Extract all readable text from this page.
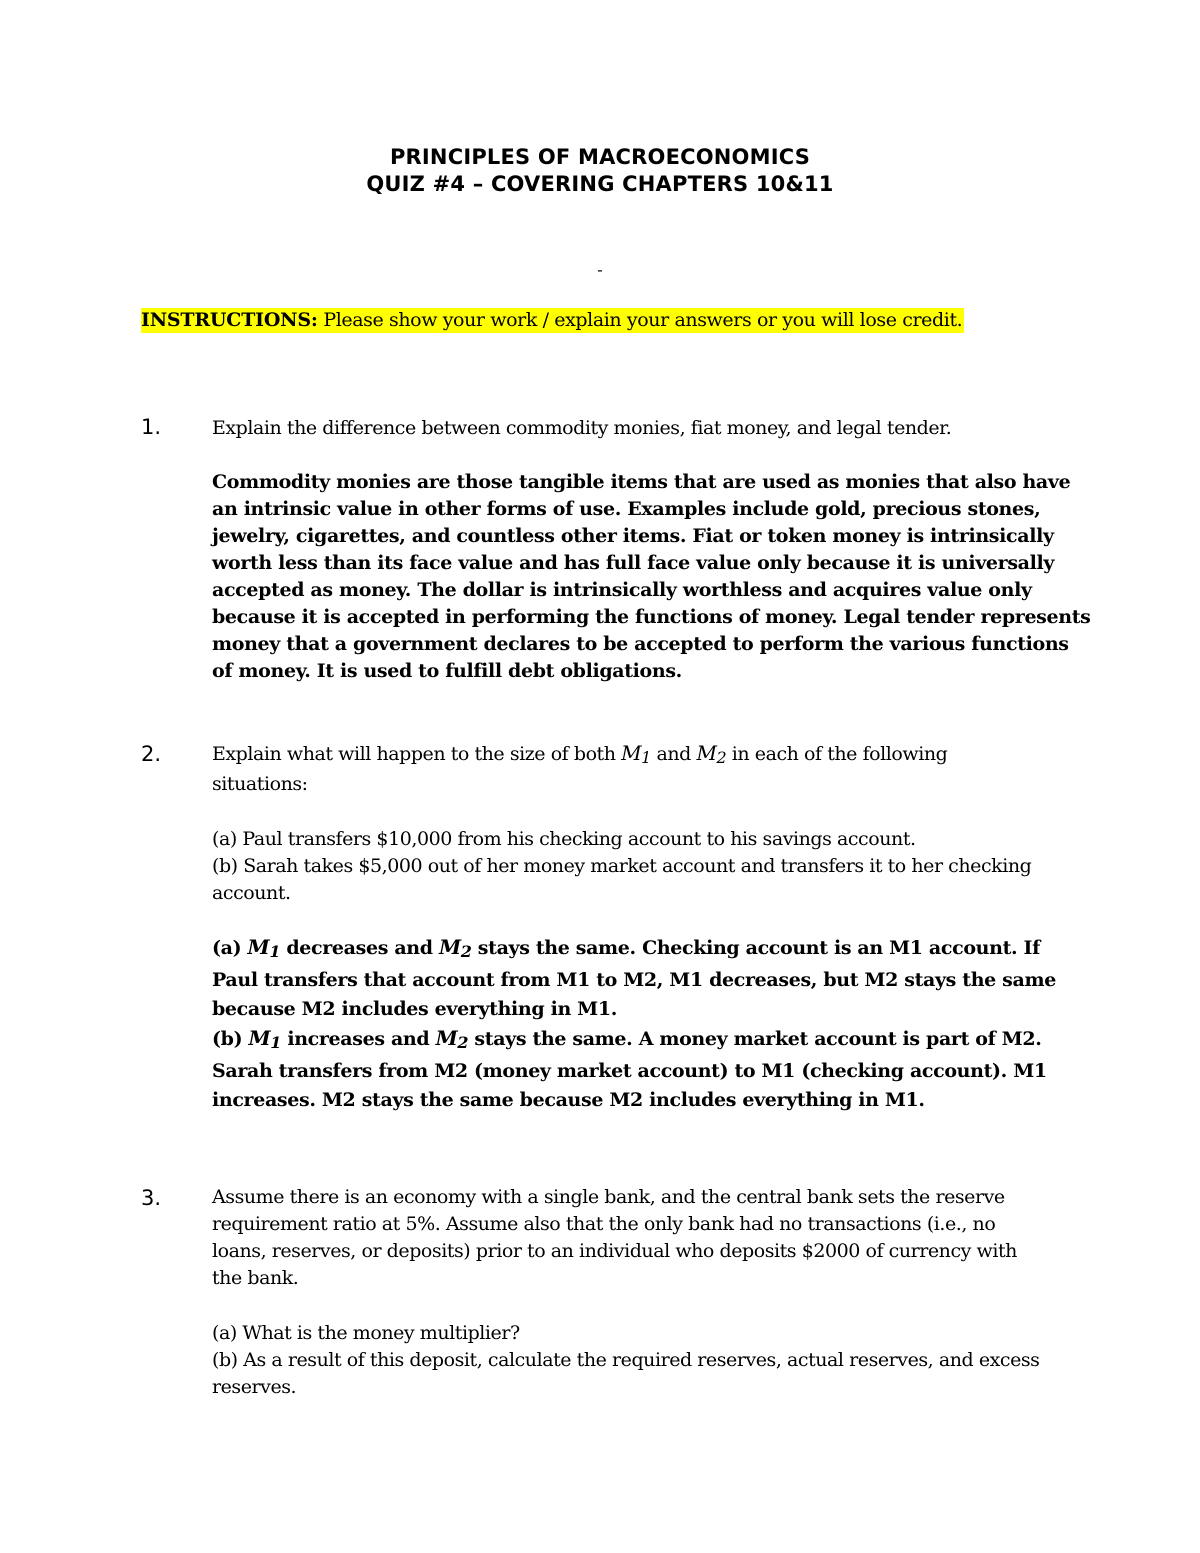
PRINCIPLES OF MACROECONOMICS
QUIZ #4 – COVERING CHAPTERS 10&11
-
INSTRUCTIONS: Please show your work / explain your answers or you will lose credit.
1.	Explain the difference between commodity monies, fiat money, and legal tender.
Commodity monies are those tangible items that are used as monies that also have
an intrinsic value in other forms of use. Examples include gold, precious stones,
jewelry, cigarettes, and countless other items. Fiat or token money is intrinsically
worth less than its face value and has full face value only because it is universally
accepted as money. The dollar is intrinsically worthless and acquires value only
because it is accepted in performing the functions of money. Legal tender represents
money that a government declares to be accepted to perform the various functions
of money. It is used to fulfill debt obligations.
2.	Explain what will happen to the size of both $M_1$ and $M_2$ in each of the following
situations:
(a) Paul transfers $10,000 from his checking account to his savings account.
(b) Sarah takes $5,000 out of her money market account and transfers it to her checking
account.
(a) $M_1$ decreases and $M_2$ stays the same. Checking account is an M1 account. If
Paul transfers that account from M1 to M2, M1 decreases, but M2 stays the same
because M2 includes everything in M1.
(b) $M_1$ increases and $M_2$ stays the same. A money market account is part of M2.
Sarah transfers from M2 (money market account) to M1 (checking account). M1
increases. M2 stays the same because M2 includes everything in M1.
3.	Assume there is an economy with a single bank, and the central bank sets the reserve
requirement ratio at 5%. Assume also that the only bank had no transactions (i.e., no
loans, reserves, or deposits) prior to an individual who deposits $2000 of currency with
the bank.
(a) What is the money multiplier?
(b) As a result of this deposit, calculate the required reserves, actual reserves, and excess
reserves.
